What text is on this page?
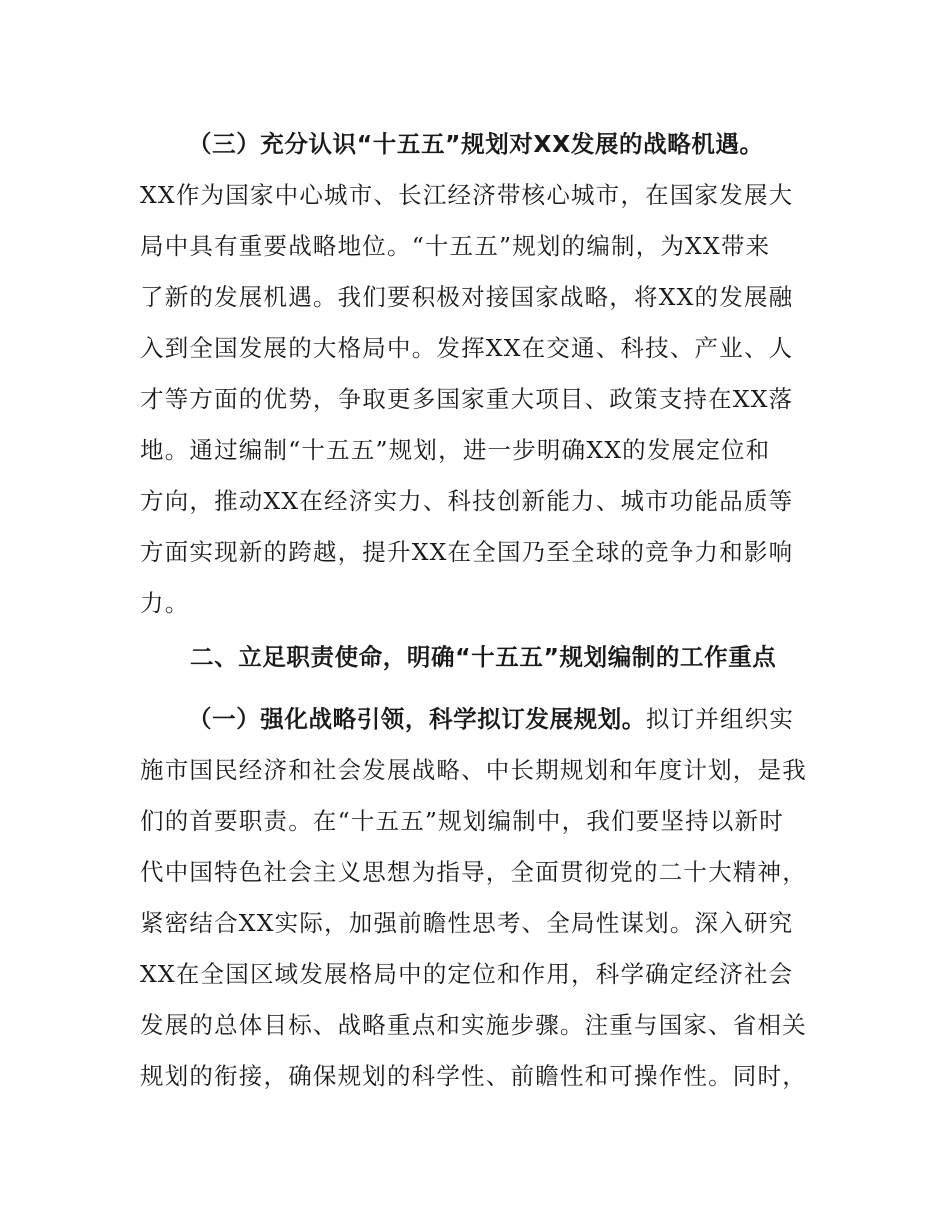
（三）充分认识“十五五”规划对XX发展的战略机遇。
XX作为国家中心城市、长江经济带核心城市，在国家发展大
局中具有重要战略地位。“十五五”规划的编制，为XX带来
了新的发展机遇。我们要积极对接国家战略，将XX的发展融
入到全国发展的大格局中。发挥XX在交通、科技、产业、人
才等方面的优势，争取更多国家重大项目、政策支持在XX落
地。通过编制“十五五”规划，进一步明确XX的发展定位和
方向，推动XX在经济实力、科技创新能力、城市功能品质等
方面实现新的跨越，提升XX在全国乃至全球的竞争力和影响
力。
二、立足职责使命，明确“十五五”规划编制的工作重点
（一）强化战略引领，科学拟订发展规划。拟订并组织实
施市国民经济和社会发展战略、中长期规划和年度计划，是我
们的首要职责。在“十五五”规划编制中，我们要坚持以新时
代中国特色社会主义思想为指导，全面贯彻党的二十大精神，
紧密结合XX实际，加强前瞻性思考、全局性谋划。深入研究
XX在全国区域发展格局中的定位和作用，科学确定经济社会
发展的总体目标、战略重点和实施步骤。注重与国家、省相关
规划的衔接，确保规划的科学性、前瞻性和可操作性。同时，
